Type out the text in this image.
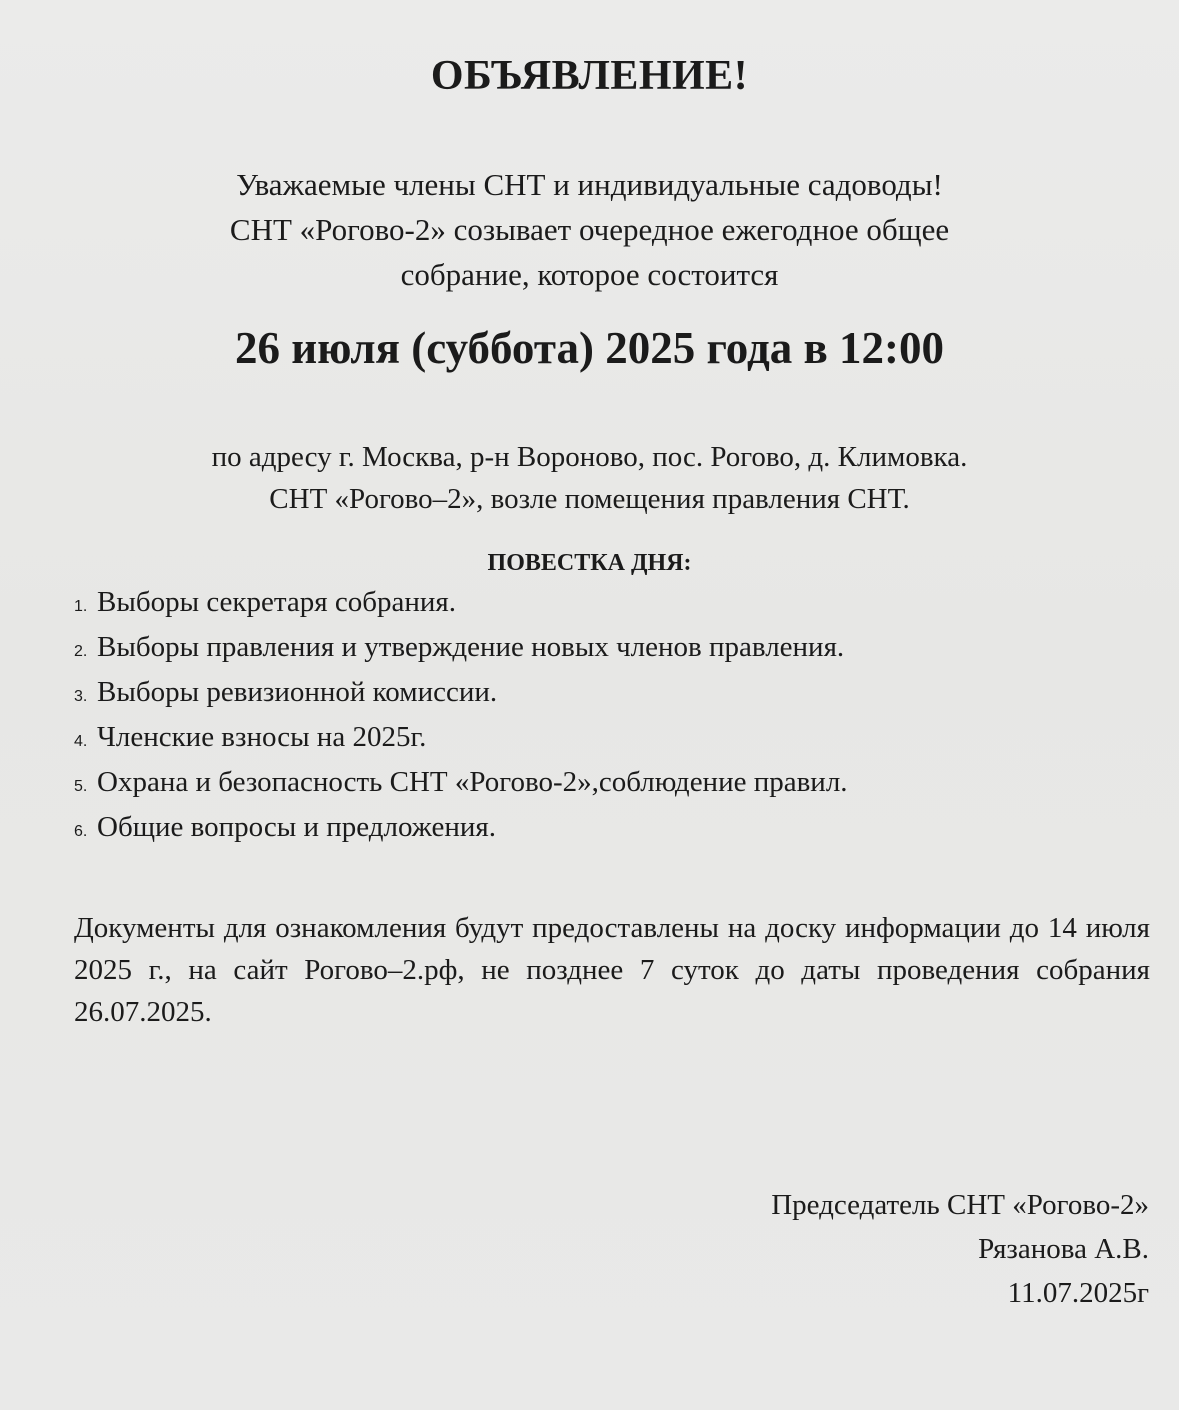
ОБЪЯВЛЕНИЕ!
Уважаемые члены СНТ и индивидуальные садоводы!
СНТ «Рогово-2» созывает очередное ежегодное общее
собрание, которое состоится
26 июля (суббота) 2025 года в 12:00
по адресу г. Москва, р-н Вороново, пос. Рогово, д. Климовка.
СНТ «Рогово–2», возле помещения правления СНТ.
ПОВЕСТКА ДНЯ:
1. Выборы секретаря собрания.
2. Выборы правления и утверждение новых членов правления.
3. Выборы ревизионной комиссии.
4. Членские взносы на 2025г.
5. Охрана и безопасность СНТ «Рогово-2»,соблюдение правил.
6. Общие вопросы и предложения.
Документы для ознакомления будут предоставлены на доску информации до 14 июля 2025 г., на сайт Рогово–2.рф, не позднее 7 суток до даты проведения собрания 26.07.2025.
Председатель СНТ «Рогово-2»
Рязанова А.В.
11.07.2025г
